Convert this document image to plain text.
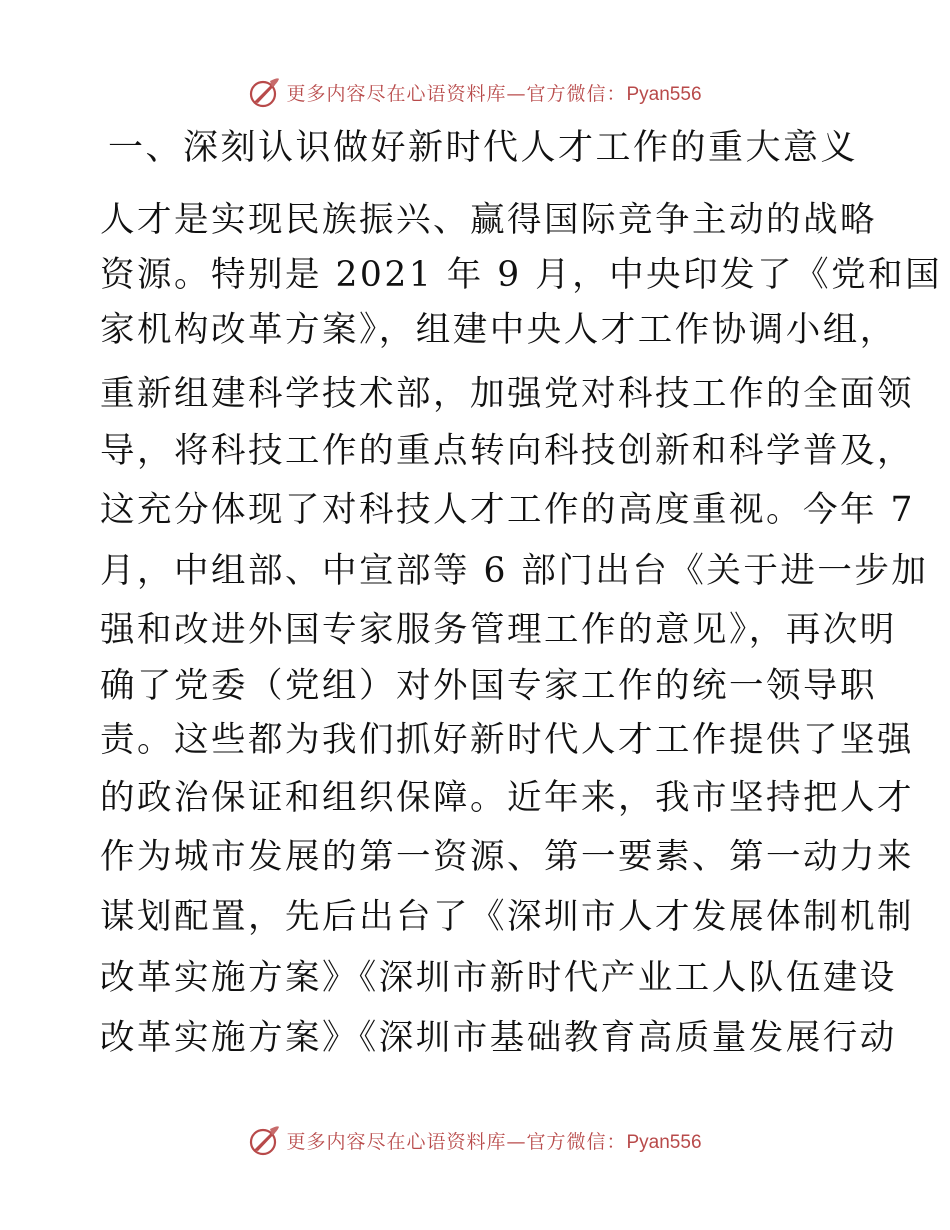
更多内容尽在心语资料库—官方微信：Pyan556
一、深刻认识做好新时代人才工作的重大意义
人才是实现民族振兴、赢得国际竞争主动的战略
资源。特别是 2021 年 9 月，中央印发了《党和国
家机构改革方案》，组建中央人才工作协调小组，
重新组建科学技术部，加强党对科技工作的全面领
导，将科技工作的重点转向科技创新和科学普及，
这充分体现了对科技人才工作的高度重视。今年 7
月，中组部、中宣部等 6 部门出台《关于进一步加
强和改进外国专家服务管理工作的意见》，再次明
确了党委（党组）对外国专家工作的统一领导职
责。这些都为我们抓好新时代人才工作提供了坚强
的政治保证和组织保障。近年来，我市坚持把人才
作为城市发展的第一资源、第一要素、第一动力来
谋划配置，先后出台了《深圳市人才发展体制机制
改革实施方案》《深圳市新时代产业工人队伍建设
改革实施方案》《深圳市基础教育高质量发展行动
更多内容尽在心语资料库—官方微信：Pyan556
